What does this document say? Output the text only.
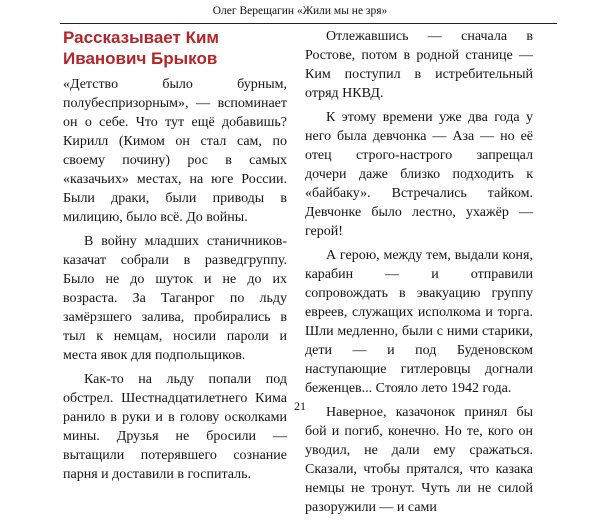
Олег Верещагин «Жили мы не зря»
Рассказывает Ким Иванович Брыков

«Детство было бурным, полубеспризорным», — вспоминает он о себе. Что тут ещё добавишь? Кирилл (Кимом он стал сам, по своему почину) рос в самых «казачьих» местах, на юге России. Были драки, были приводы в милицию, было всё. До войны.

В войну младших станичников-казачат собрали в разведгруппу. Было не до шуток и не до их возраста. За Таганрог по льду замёрзшего залива, пробирались в тыл к немцам, носили пароли и места явок для подпольщиков.

Как-то на льду попали под обстрел. Шестнадцатилетнего Кима ранило в руки и в голову осколками мины. Друзья не бросили — вытащили потерявшего сознание парня и доставили в госпиталь.

Отлежавшись — сначала в Ростове, потом в родной станице — Ким поступил в истребительный отряд НКВД.

К этому времени уже два года у него была девчонка — Аза — но её отец строго-настрого запрещал дочери даже близко подходить к «байбаку». Встречались тайком. Девчонке было лестно, ухажёр — герой!

А герою, между тем, выдали коня, карабин — и отправили сопровождать в эвакуацию группу евреев, служащих исполкома и торга. Шли медленно, были с ними старики, дети — и под Буденовском наступающие гитлеровцы догнали беженцев... Стояло лето 1942 года.

Наверное, казачонок принял бы бой и погиб, конечно. Но те, кого он уводил, не дали ему сражаться. Сказали, чтобы прятался, что казака немцы не тронут. Чуть ли не силой разоружили — и сами

21
